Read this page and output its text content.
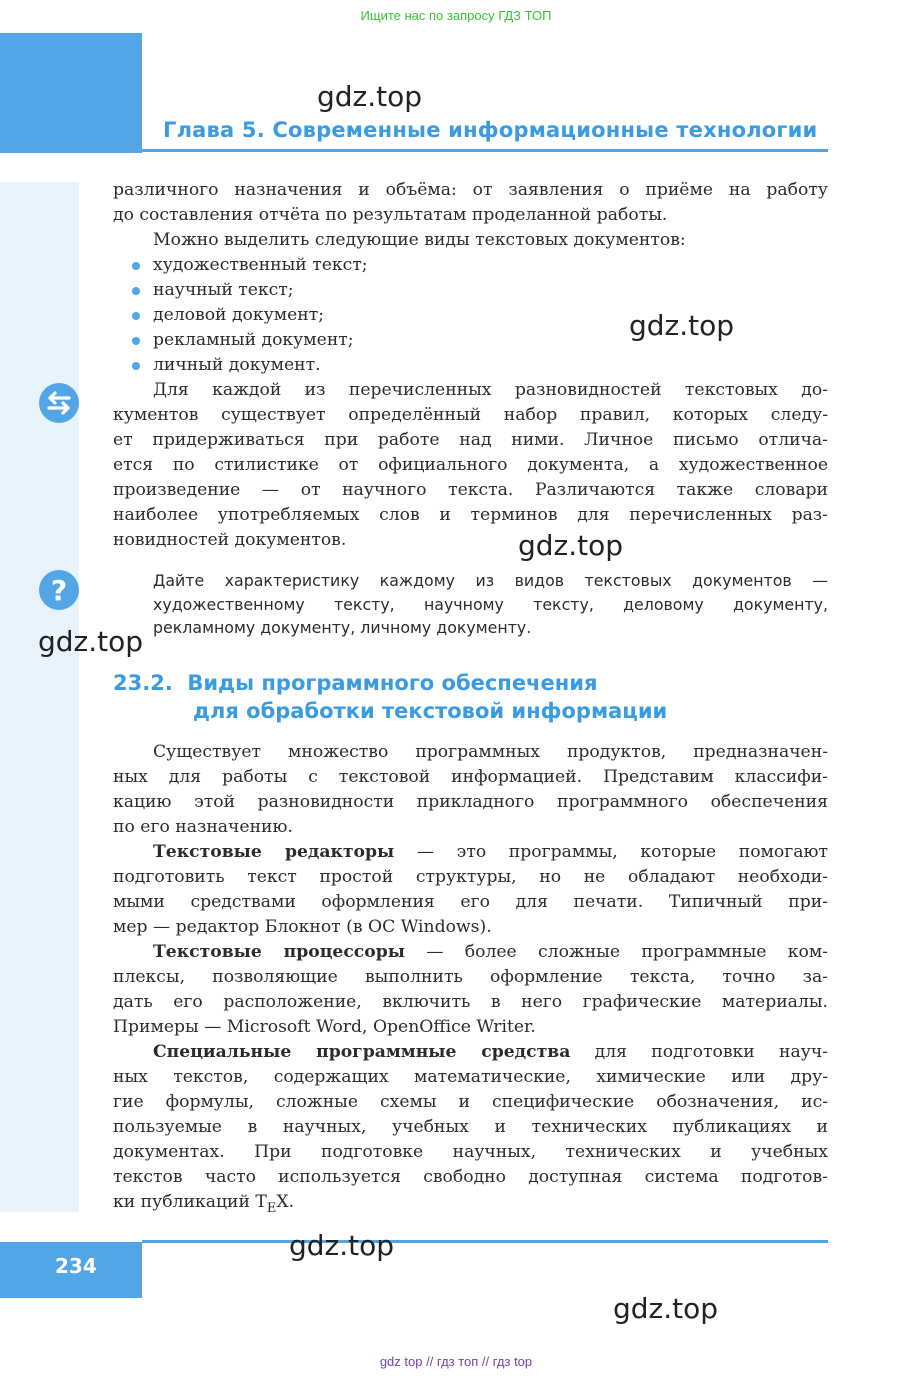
Ищите нас по запросу ГДЗ ТОП
gdz.top
Глава 5. Современные информационные технологии
различного назначения и объёма: от заявления о приёме на работу
до составления отчёта по результатам проделанной работы.
Можно выделить следующие виды текстовых документов:
художественный текст;
научный текст;
деловой документ;
рекламный документ;
личный документ.
gdz.top
Для каждой из перечисленных разновидностей текстовых до-
кументов существует определённый набор правил, которых следу-
ет придерживаться при работе над ними. Личное письмо отлича-
ется по стилистике от официального документа, а художественное
произведение — от научного текста. Различаются также словари
наиболее употребляемых слов и терминов для перечисленных раз-
новидностей документов.	gdz.top
?	Дайте характеристику каждому из видов текстовых документов —
художественному тексту, научному тексту, деловому документу,
рекламному документу, личному документу.
gdz.top
23.2. Виды программного обеспечения
для обработки текстовой информации
Существует множество программных продуктов, предназначен-
ных для работы с текстовой информацией. Представим классифи-
кацию этой разновидности прикладного программного обеспечения
по его назначению.
Текстовые редакторы — это программы, которые помогают
подготовить текст простой структуры, но не обладают необходи-
мыми средствами оформления его для печати. Типичный при-
мер — редактор Блокнот (в ОС Windows).
Текстовые процессоры — более сложные программные ком-
плексы, позволяющие выполнить оформление текста, точно за-
дать его расположение, включить в него графические материалы.
Примеры — Microsoft Word, OpenOffice Writer.
Специальные программные средства для подготовки науч-
ных текстов, содержащих математические, химические или дру-
гие формулы, сложные схемы и специфические обозначения, ис-
пользуемые в научных, учебных и технических публикациях и
документах. При подготовке научных, технических и учебных
текстов часто используется свободно доступная система подготов-
ки публикаций $T_EX$.
gdz.top
234
gdz.top
gdz top // гдз топ // гдз top
